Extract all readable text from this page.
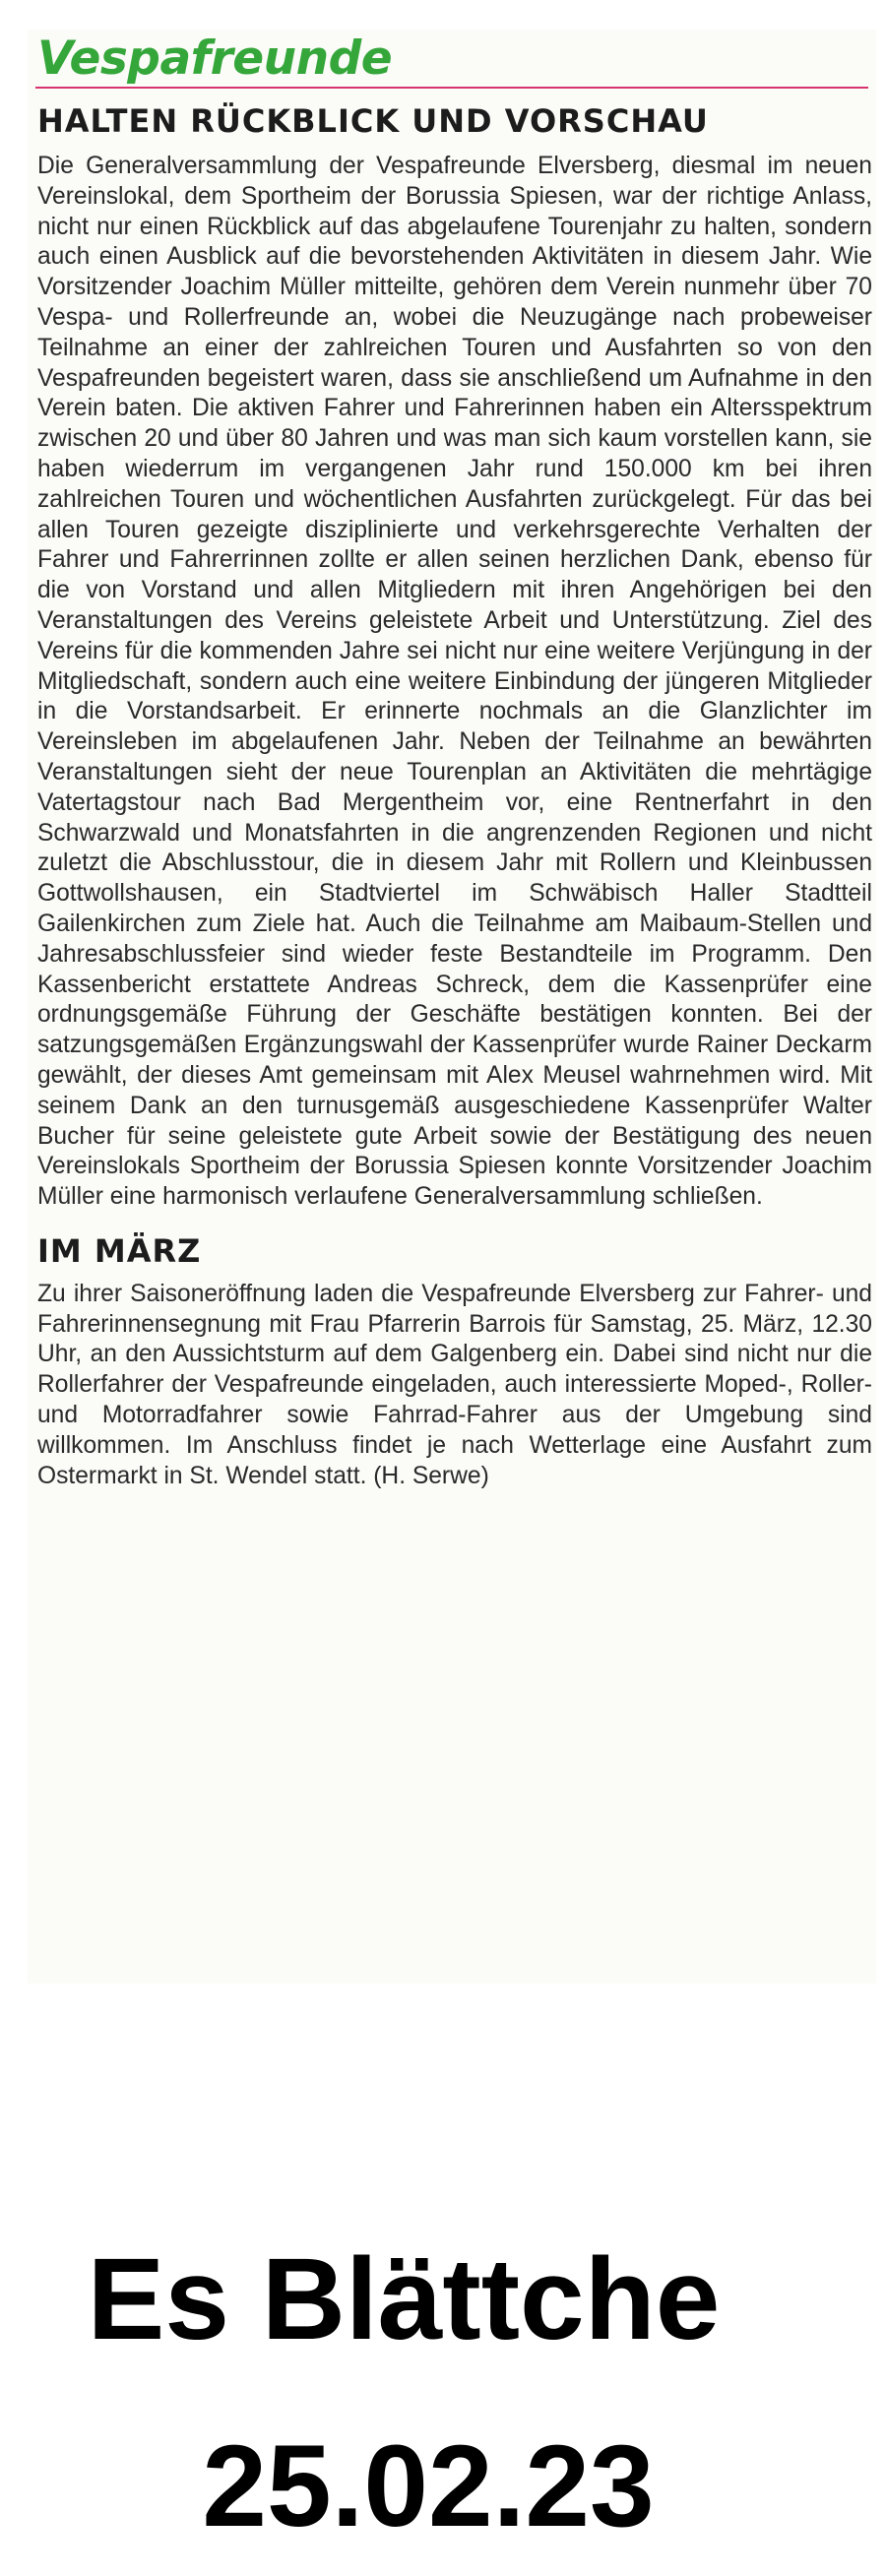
Vespafreunde
HALTEN RÜCKBLICK UND VORSCHAU
Die Generalversammlung der Vespafreunde Elversberg, diesmal im neuen Vereinslokal, dem Sportheim der Borussia Spiesen, war der richtige Anlass, nicht nur einen Rückblick auf das abgelaufene Tourenjahr zu halten, sondern auch einen Ausblick auf die bevorstehenden Aktivitäten in diesem Jahr. Wie Vorsitzender Joachim Müller mitteilte, gehören dem Verein nunmehr über 70 Vespa- und Rollerfreunde an, wobei die Neuzugänge nach probeweiser Teilnahme an einer der zahlreichen Touren und Ausfahrten so von den Vespafreunden begeistert waren, dass sie anschließend um Aufnahme in den Verein baten. Die aktiven Fahrer und Fahrerinnen haben ein Altersspektrum zwischen 20 und über 80 Jahren und was man sich kaum vorstellen kann, sie haben wiederrum im vergangenen Jahr rund 150.000 km bei ihren zahlreichen Touren und wöchentlichen Ausfahrten zurückgelegt. Für das bei allen Touren gezeigte disziplinierte und verkehrsgerechte Verhalten der Fahrer und Fahrerrinnen zollte er allen seinen herzlichen Dank, ebenso für die von Vorstand und allen Mitgliedern mit ihren Angehörigen bei den Veranstaltungen des Vereins geleistete Arbeit und Unterstützung. Ziel des Vereins für die kommenden Jahre sei nicht nur eine weitere Verjüngung in der Mitgliedschaft, sondern auch eine weitere Einbindung der jüngeren Mitglieder in die Vorstandsarbeit. Er erinnerte nochmals an die Glanzlichter im Vereinsleben im abgelaufenen Jahr. Neben der Teilnahme an bewährten Veranstaltungen sieht der neue Tourenplan an Aktivitäten die mehrtägige Vatertagstour nach Bad Mergentheim vor, eine Rentnerfahrt in den Schwarzwald und Monatsfahrten in die angrenzenden Regionen und nicht zuletzt die Abschlusstour, die in diesem Jahr mit Rollern und Kleinbussen Gottwollshausen, ein Stadtviertel im Schwäbisch Haller Stadtteil Gailenkirchen zum Ziele hat. Auch die Teilnahme am Maibaum-Stellen und Jahresabschlussfeier sind wieder feste Bestandteile im Programm. Den Kassenbericht erstattete Andreas Schreck, dem die Kassenprüfer eine ordnungsgemäße Führung der Geschäfte bestätigen konnten. Bei der satzungsgemäßen Ergänzungswahl der Kassenprüfer wurde Rainer Deckarm gewählt, der dieses Amt gemeinsam mit Alex Meusel wahrnehmen wird. Mit seinem Dank an den turnusgemäß ausgeschiedene Kassenprüfer Walter Bucher für seine geleistete gute Arbeit sowie der Bestätigung des neuen Vereinslokals Sportheim der Borussia Spiesen konnte Vorsitzender Joachim Müller eine harmonisch verlaufene Generalversammlung schließen.
IM MÄRZ
Zu ihrer Saisoneröffnung laden die Vespafreunde Elversberg zur Fahrer- und Fahrerinnensegnung mit Frau Pfarrerin Barrois für Samstag, 25. März, 12.30 Uhr, an den Aussichtsturm auf dem Galgenberg ein. Dabei sind nicht nur die Rollerfahrer der Vespafreunde eingeladen, auch interessierte Moped-, Roller- und Motorradfahrer sowie Fahrrad-Fahrer aus der Umgebung sind willkommen. Im Anschluss findet je nach Wetterlage eine Ausfahrt zum Ostermarkt in St. Wendel statt. (H. Serwe)
Es Blättche
25.02.23
